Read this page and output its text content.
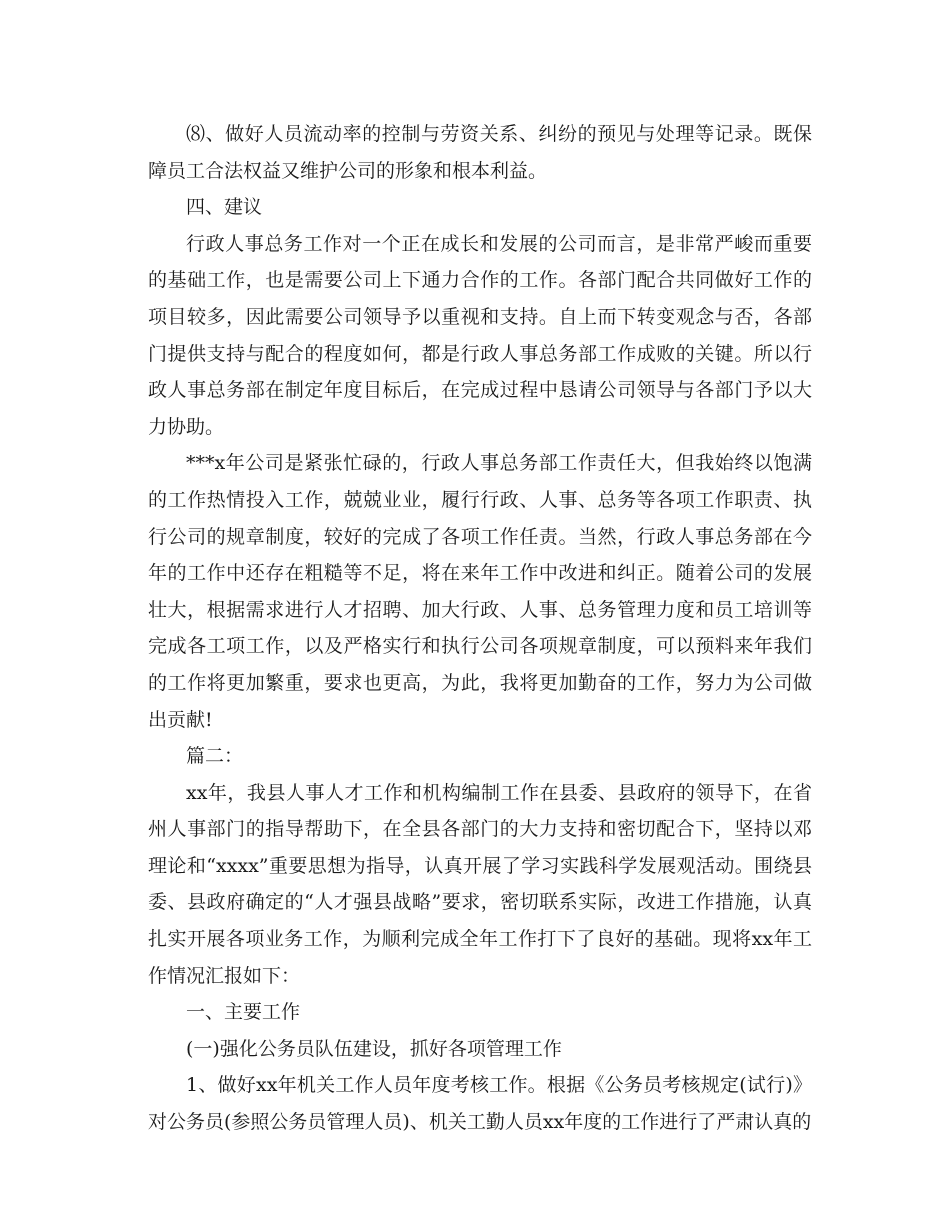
⑻、做好人员流动率的控制与劳资关系、纠纷的预见与处理等记录。既保障员工合法权益又维护公司的形象和根本利益。

四、建议

行政人事总务工作对一个正在成长和发展的公司而言，是非常严峻而重要的基础工作，也是需要公司上下通力合作的工作。各部门配合共同做好工作的项目较多，因此需要公司领导予以重视和支持。自上而下转变观念与否，各部门提供支持与配合的程度如何，都是行政人事总务部工作成败的关键。所以行政人事总务部在制定年度目标后，在完成过程中恳请公司领导与各部门予以大力协助。

***x年公司是紧张忙碌的，行政人事总务部工作责任大，但我始终以饱满的工作热情投入工作，兢兢业业，履行行政、人事、总务等各项工作职责、执行公司的规章制度，较好的完成了各项工作任责。当然，行政人事总务部在今年的工作中还存在粗糙等不足，将在来年工作中改进和纠正。随着公司的发展壮大，根据需求进行人才招聘、加大行政、人事、总务管理力度和员工培训等完成各工项工作，以及严格实行和执行公司各项规章制度，可以预料来年我们的工作将更加繁重，要求也更高，为此，我将更加勤奋的工作，努力为公司做出贡献!

篇二：

xx年，我县人事人才工作和机构编制工作在县委、县政府的领导下，在省州人事部门的指导帮助下，在全县各部门的大力支持和密切配合下，坚持以邓理论和“xxxx”重要思想为指导，认真开展了学习实践科学发展观活动。围绕县委、县政府确定的“人才强县战略”要求，密切联系实际，改进工作措施，认真扎实开展各项业务工作，为顺利完成全年工作打下了良好的基础。现将xx年工作情况汇报如下：

一、主要工作

(一)强化公务员队伍建设，抓好各项管理工作

1、做好xx年机关工作人员年度考核工作。根据《公务员考核规定(试行)》对公务员(参照公务员管理人员)、机关工勤人员xx年度的工作进行了严肃认真的
